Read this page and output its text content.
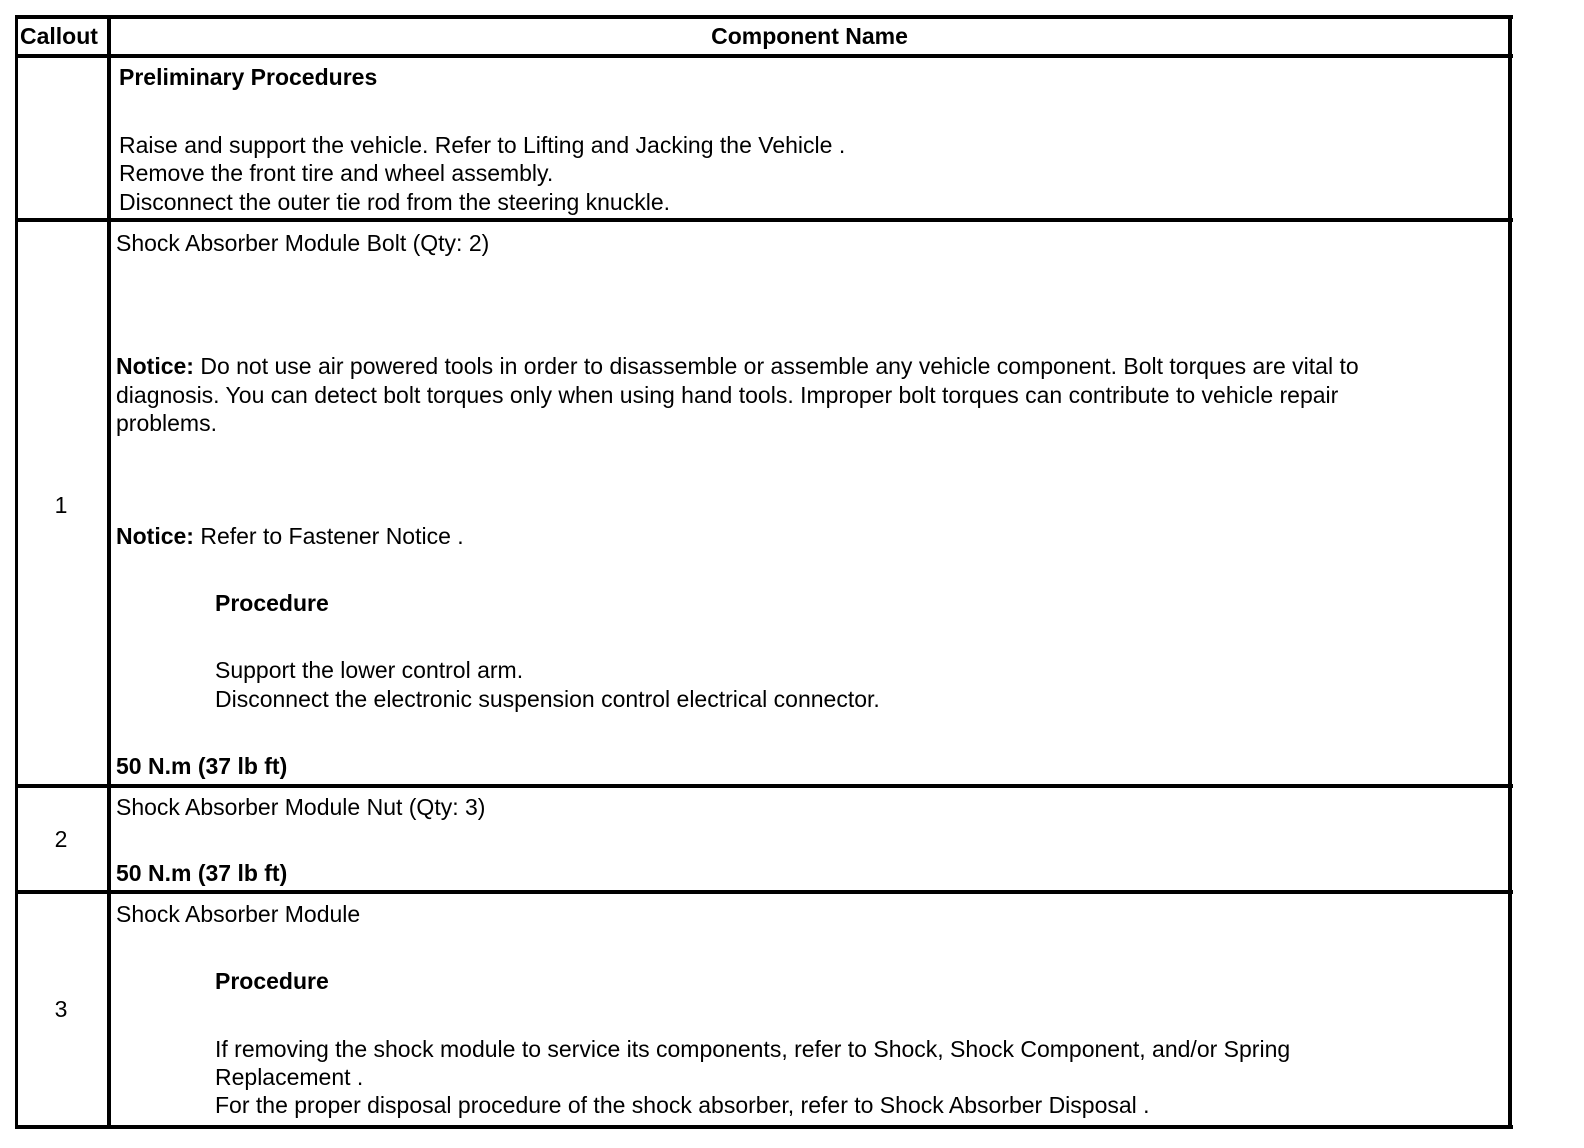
Callout	Component Name
Preliminary Procedures
Raise and support the vehicle. Refer to Lifting and Jacking the Vehicle .
Remove the front tire and wheel assembly.
Disconnect the outer tie rod from the steering knuckle.
1
Shock Absorber Module Bolt (Qty: 2)
Notice: Do not use air powered tools in order to disassemble or assemble any vehicle component. Bolt torques are vital to
diagnosis. You can detect bolt torques only when using hand tools. Improper bolt torques can contribute to vehicle repair
problems.
Notice: Refer to Fastener Notice .
Procedure
Support the lower control arm.
Disconnect the electronic suspension control electrical connector.
50 N.m (37 lb ft)
2
Shock Absorber Module Nut (Qty: 3)
50 N.m (37 lb ft)
3
Shock Absorber Module
Procedure
If removing the shock module to service its components, refer to Shock, Shock Component, and/or Spring
Replacement .
For the proper disposal procedure of the shock absorber, refer to Shock Absorber Disposal .
